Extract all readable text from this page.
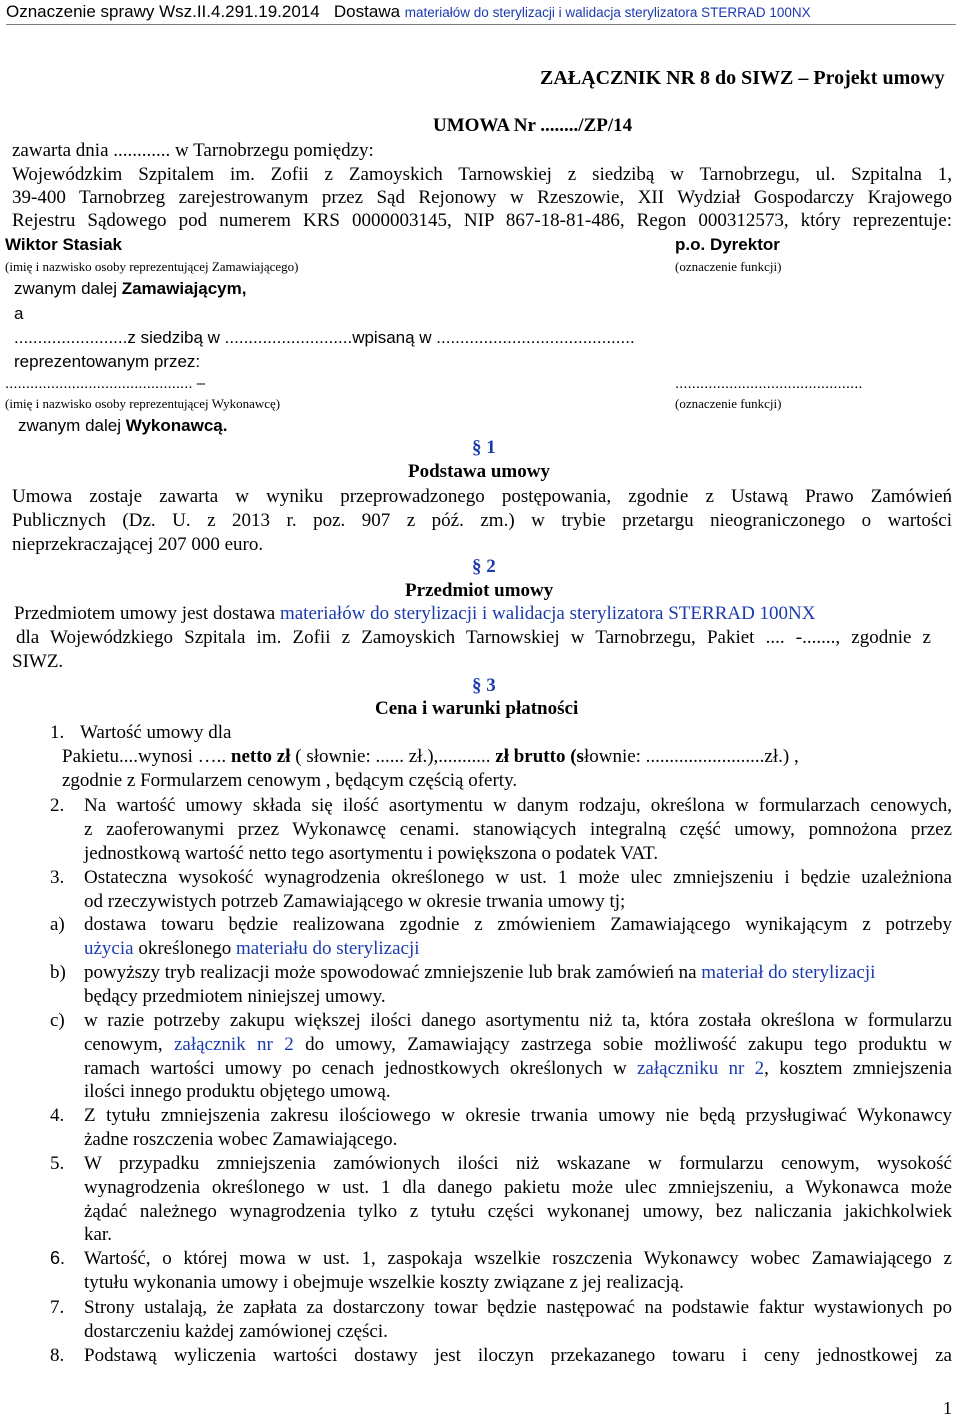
Oznaczenie sprawy Wsz.II.4.291.19.2014 Dostawa materiałów do sterylizacji i walidacja sterylizatora STERRAD 100NX
ZAŁĄCZNIK NR 8 do SIWZ – Projekt umowy
UMOWA Nr ......../ZP/14
zawarta dnia ............ w Tarnobrzegu pomiędzy:
Wojewódzkim Szpitalem im. Zofii z Zamoyskich Tarnowskiej z siedzibą w Tarnobrzegu, ul. Szpitalna 1,
39-400 Tarnobrzeg zarejestrowanym przez Sąd Rejonowy w Rzeszowie, XII Wydział Gospodarczy Krajowego
Rejestru Sądowego pod numerem KRS 0000003145, NIP 867-18-81-486, Regon 000312573, który reprezentuje:
Wiktor Stasiak	p.o. Dyrektor
(imię i nazwisko osoby reprezentującej Zamawiającego)	(oznaczenie funkcji)
zwanym dalej Zamawiającym,
a
........................z siedzibą w ...........................wpisaną w ..........................................
reprezentowanym przez:
............................................. –	.............................................
(imię i nazwisko osoby reprezentującej Wykonawcę)	(oznaczenie funkcji)
zwanym dalej Wykonawcą.
§ 1
Podstawa umowy
Umowa zostaje zawarta w wyniku przeprowadzonego postępowania, zgodnie z Ustawą Prawo Zamówień
Publicznych (Dz. U. z 2013 r. poz. 907 z póź. zm.) w trybie przetargu nieograniczonego o wartości
nieprzekraczającej 207 000 euro.
§ 2
Przedmiot umowy
Przedmiotem umowy jest dostawa materiałów do sterylizacji i walidacja sterylizatora STERRAD 100NX
dla Wojewódzkiego Szpitala im. Zofii z Zamoyskich Tarnowskiej w Tarnobrzegu, Pakiet .... -......., zgodnie z
SIWZ.
§ 3
Cena i warunki płatności
1. Wartość umowy dla
Pakietu....wynosi ….. netto zł ( słownie: ...... zł.),........... zł brutto (słownie: .........................zł.) ,
zgodnie z Formularzem cenowym , będącym częścią oferty.
2. Na wartość umowy składa się ilość asortymentu w danym rodzaju, określona w formularzach cenowych,
z zaoferowanymi przez Wykonawcę cenami. stanowiących integralną część umowy, pomnożona przez
jednostkową wartość netto tego asortymentu i powiększona o podatek VAT.
3. Ostateczna wysokość wynagrodzenia określonego w ust. 1 może ulec zmniejszeniu i będzie uzależniona
od rzeczywistych potrzeb Zamawiającego w okresie trwania umowy tj;
a) dostawa towaru będzie realizowana zgodnie z zmówieniem Zamawiającego wynikającym z potrzeby
użycia określonego materiału do sterylizacji
b) powyższy tryb realizacji może spowodować zmniejszenie lub brak zamówień na materiał do sterylizacji
będący przedmiotem niniejszej umowy.
c) w razie potrzeby zakupu większej ilości danego asortymentu niż ta, która została określona w formularzu
cenowym, załącznik nr 2 do umowy, Zamawiający zastrzega sobie możliwość zakupu tego produktu w
ramach wartości umowy po cenach jednostkowych określonych w załączniku nr 2, kosztem zmniejszenia
ilości innego produktu objętego umową.
4. Z tytułu zmniejszenia zakresu ilościowego w okresie trwania umowy nie będą przysługiwać Wykonawcy
żadne roszczenia wobec Zamawiającego.
5. W przypadku zmniejszenia zamówionych ilości niż wskazane w formularzu cenowym, wysokość
wynagrodzenia określonego w ust. 1 dla danego pakietu może ulec zmniejszeniu, a Wykonawca może
żądać należnego wynagrodzenia tylko z tytułu części wykonanej umowy, bez naliczania jakichkolwiek
kar.
6. Wartość, o której mowa w ust. 1, zaspokaja wszelkie roszczenia Wykonawcy wobec Zamawiającego z
tytułu wykonania umowy i obejmuje wszelkie koszty związane z jej realizacją.
7. Strony ustalają, że zapłata za dostarczony towar będzie następować na podstawie faktur wystawionych po
dostarczeniu każdej zamówionej części.
8. Podstawą wyliczenia wartości dostawy jest iloczyn przekazanego towaru i ceny jednostkowej za
1
